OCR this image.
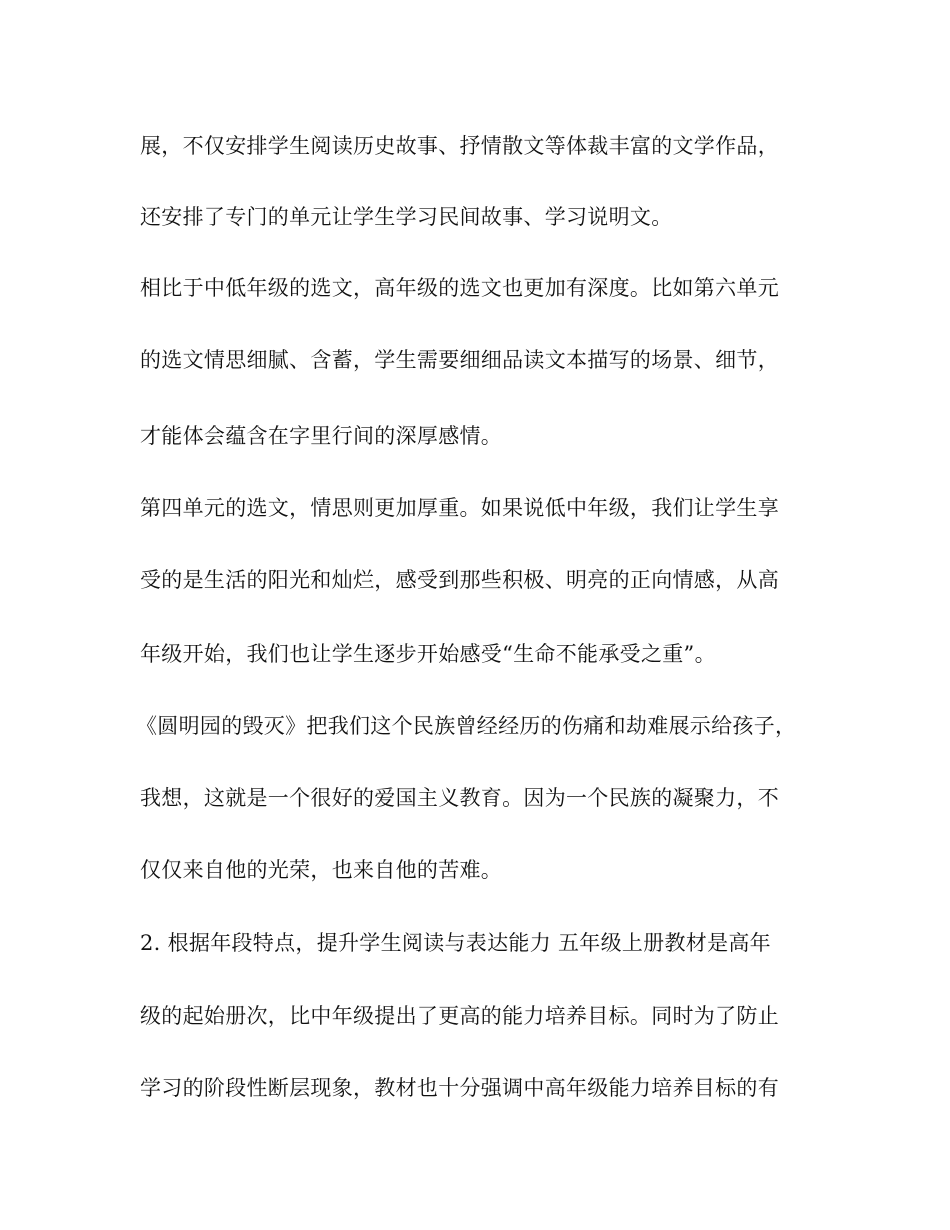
展，不仅安排学生阅读历史故事、抒情散文等体裁丰富的文学作品，

还安排了专门的单元让学生学习民间故事、学习说明文。

相比于中低年级的选文，高年级的选文也更加有深度。比如第六单元

的选文情思细腻、含蓄，学生需要细细品读文本描写的场景、细节，

才能体会蕴含在字里行间的深厚感情。

第四单元的选文，情思则更加厚重。如果说低中年级，我们让学生享

受的是生活的阳光和灿烂，感受到那些积极、明亮的正向情感，从高

年级开始，我们也让学生逐步开始感受“生命不能承受之重”。

《圆明园的毁灭》把我们这个民族曾经经历的伤痛和劫难展示给孩子，

我想，这就是一个很好的爱国主义教育。因为一个民族的凝聚力，不

仅仅来自他的光荣，也来自他的苦难。

2. 根据年段特点，提升学生阅读与表达能力 五年级上册教材是高年

级的起始册次，比中年级提出了更高的能力培养目标。同时为了防止

学习的阶段性断层现象，教材也十分强调中高年级能力培养目标的有
